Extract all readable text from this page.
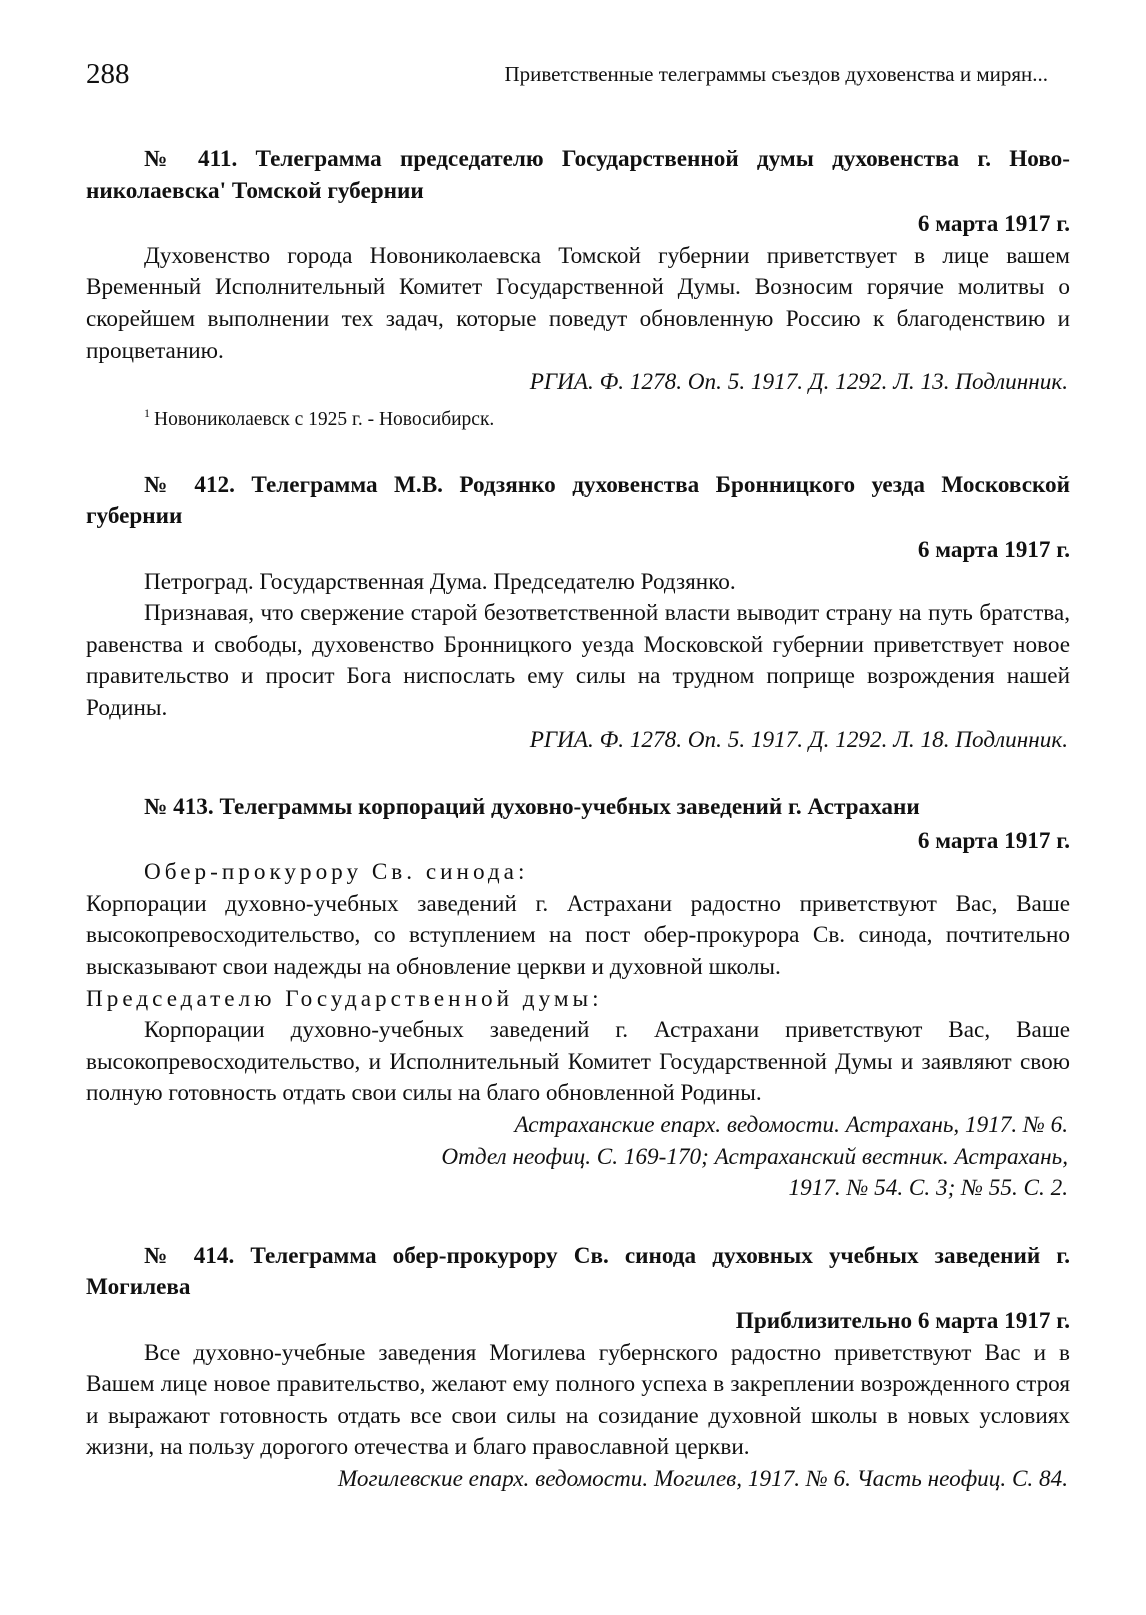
288	Приветственные телеграммы съездов духовенства и мирян...

№ 411. Телеграмма председателю Государственной думы духовенства г. Ново-николаевска' Томской губернии

6 марта 1917 г.

Духовенство города Новониколаевска Томской губернии приветствует в лице вашем Временный Исполнительный Комитет Государственной Думы. Возносим горячие молитвы о скорейшем выполнении тех задач, которые поведут обновленную Россию к благоденствию и процветанию.

РГИА. Ф. 1278. Оп. 5. 1917. Д. 1292. Л. 13. Подлинник.

$^1$ Новониколаевск с 1925 г. - Новосибирск.

№ 412. Телеграмма М.В. Родзянко духовенства Бронницкого уезда Московской губернии

6 марта 1917 г.

Петроград. Государственная Дума. Председателю Родзянко.

Признавая, что свержение старой безответственной власти выводит страну на путь братства, равенства и свободы, духовенство Бронницкого уезда Московской губернии приветствует новое правительство и просит Бога ниспослать ему силы на трудном поприще возрождения нашей Родины.

РГИА. Ф. 1278. Оп. 5. 1917. Д. 1292. Л. 18. Подлинник.

№ 413. Телеграммы корпораций духовно-учебных заведений г. Астрахани

6 марта 1917 г.

Обер-прокурору Св. синода:

Корпорации духовно-учебных заведений г. Астрахани радостно приветствуют Вас, Ваше высокопревосходительство, со вступлением на пост обер-прокурора Св. синода, почтительно высказывают свои надежды на обновление церкви и духовной школы.

Председателю Государственной думы:

Корпорации духовно-учебных заведений г. Астрахани приветствуют Вас, Ваше высокопревосходительство, и Исполнительный Комитет Государственной Думы и заявляют свою полную готовность отдать свои силы на благо обновленной Родины.

Астраханские епарх. ведомости. Астрахань, 1917. № 6.

Отдел неофиц. С. 169-170; Астраханский вестник. Астрахань,

1917. № 54. С. 3; № 55. С. 2.

№ 414. Телеграмма обер-прокурору Св. синода духовных учебных заведений г. Могилева

Приблизительно 6 марта 1917 г.

Все духовно-учебные заведения Могилева губернского радостно приветствуют Вас и в Вашем лице новое правительство, желают ему полного успеха в закреплении возрожденного строя и выражают готовность отдать все свои силы на созидание духовной школы в новых условиях жизни, на пользу дорогого отечества и благо православной церкви.

Могилевские епарх. ведомости. Могилев, 1917. № 6. Часть неофиц. С. 84.
